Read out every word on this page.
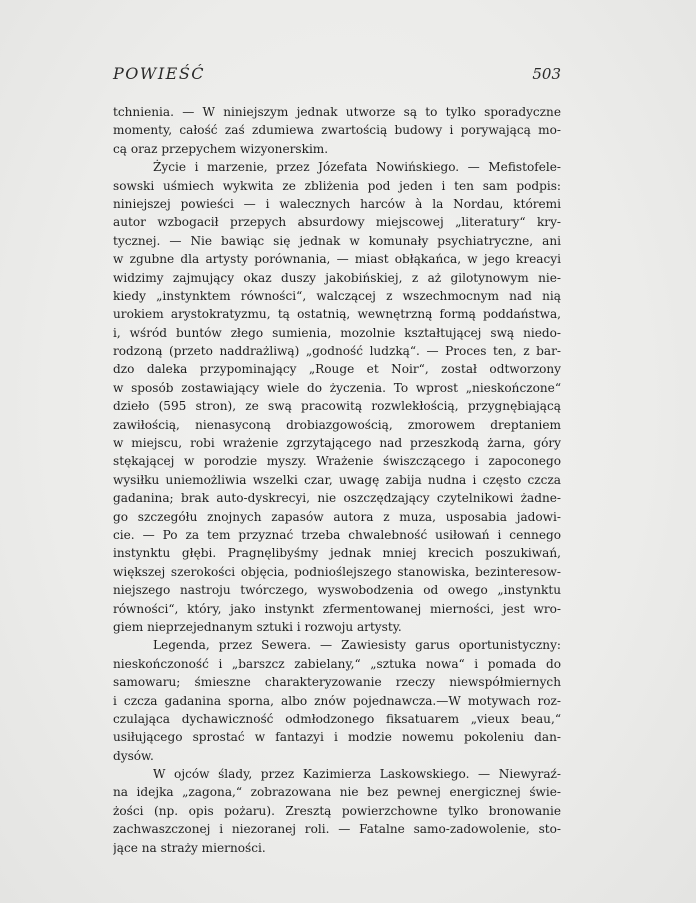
POWIEŚĆ	503
tchnienia. — W niniejszym jednak utworze są to tylko sporadyczne
momenty, całość zaś zdumiewa zwartością budowy i porywającą mo-
cą oraz przepychem wizyonerskim.
Życie i marzenie, przez Józefata Nowińskiego. — Mefistofele-
sowski uśmiech wykwita ze zbliżenia pod jeden i ten sam podpis:
niniejszej powieści — i walecznych harców à la Nordau, któremi
autor wzbogacił przepych absurdowy miejscowej „literatury“ kry-
tycznej. — Nie bawiąc się jednak w komunały psychiatryczne, ani
w zgubne dla artysty porównania, — miast obłąkańca, w jego kreacyi
widzimy zajmujący okaz duszy jakobińskiej, z aż gilotynowym nie-
kiedy „instynktem równości“, walczącej z wszechmocnym nad nią
urokiem arystokratyzmu, tą ostatnią, wewnętrzną formą poddaństwa,
i, wśród buntów złego sumienia, mozolnie kształtującej swą niedo-
rodzoną (przeto naddrażliwą) „godność ludzką“. — Proces ten, z bar-
dzo daleka przypominający „Rouge et Noir“, został odtworzony
w sposób zostawiający wiele do życzenia. To wprost „nieskończone“
dzieło (595 stron), ze swą pracowitą rozwlekłością, przygnębiającą
zawiłością, nienasyconą drobiazgowością, zmorowem dreptaniem
w miejscu, robi wrażenie zgrzytającego nad przeszkodą żarna, góry
stękającej w porodzie myszy. Wrażenie świszczącego i zapoconego
wysiłku uniemożliwia wszelki czar, uwagę zabija nudna i często czcza
gadanina; brak auto-dyskrecyi, nie oszczędzający czytelnikowi żadne-
go szczegółu znojnych zapasów autora z muza, usposabia jadowi-
cie. — Po za tem przyznać trzeba chwalebność usiłowań i cennego
instynktu głębi. Pragnęlibyśmy jednak mniej krecich poszukiwań,
większej szerokości objęcia, podnioślejszego stanowiska, bezinteresow-
niejszego nastroju twórczego, wyswobodzenia od owego „instynktu
równości“, który, jako instynkt zfermentowanej mierności, jest wro-
giem nieprzejednanym sztuki i rozwoju artysty.
Legenda, przez Sewera. — Zawiesisty garus oportunistyczny:
nieskończoność i „barszcz zabielany,“ „sztuka nowa“ i pomada do
samowaru; śmieszne charakteryzowanie rzeczy niewspółmiernych
i czcza gadanina sporna, albo znów pojednawcza.—W motywach roz-
czulająca dychawiczność odmłodzonego fiksatuarem „vieux beau,“
usiłującego sprostać w fantazyi i modzie nowemu pokoleniu dan-
dysów.
W ojców ślady, przez Kazimierza Laskowskiego. — Niewyraź-
na idejka „zagona,“ zobrazowana nie bez pewnej energicznej świe-
żości (np. opis pożaru). Zresztą powierzchowne tylko bronowanie
zachwaszczonej i niezoranej roli. — Fatalne samo-zadowolenie, sto-
jące na straży mierności.
